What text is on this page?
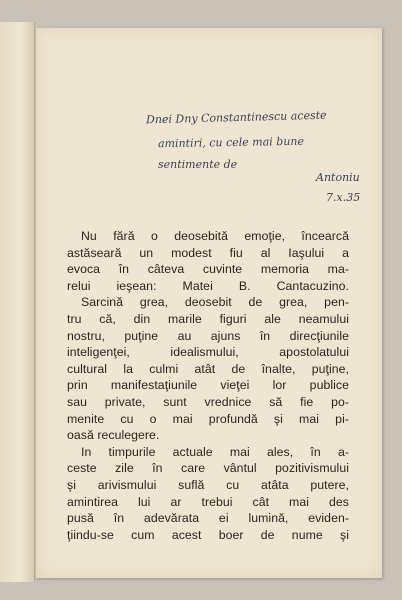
Dnei Dny Constantinescu aceste
amintiri, cu cele mai bune
sentimente de
Antoniu
7.x.35
Nu fără o deosebită emoţie, încearcă
astăseară un modest fiu al Iaşului a
evoca în câteva cuvinte memoria ma-
relui ieşean: Matei B. Cantacuzino.
Sarcină grea, deosebit de grea, pen-
tru că, din marile figuri ale neamului
nostru, puţine au ajuns în direcţiunile
inteligenţei, idealismului, apostolatului
cultural la culmi atât de înalte, puţine,
prin manifestaţiunile vieţei lor publice
sau private, sunt vrednice să fie po-
menite cu o mai profundă şi mai pi-
oasă reculegere.
In timpurile actuale mai ales, în a-
ceste zile în care vântul pozitivismului
şi arivismului suflă cu atâta putere,
amintirea lui ar trebui cât mai des
pusă în adevărata ei lumină, eviden-
ţiindu-se cum acest boer de nume şi
